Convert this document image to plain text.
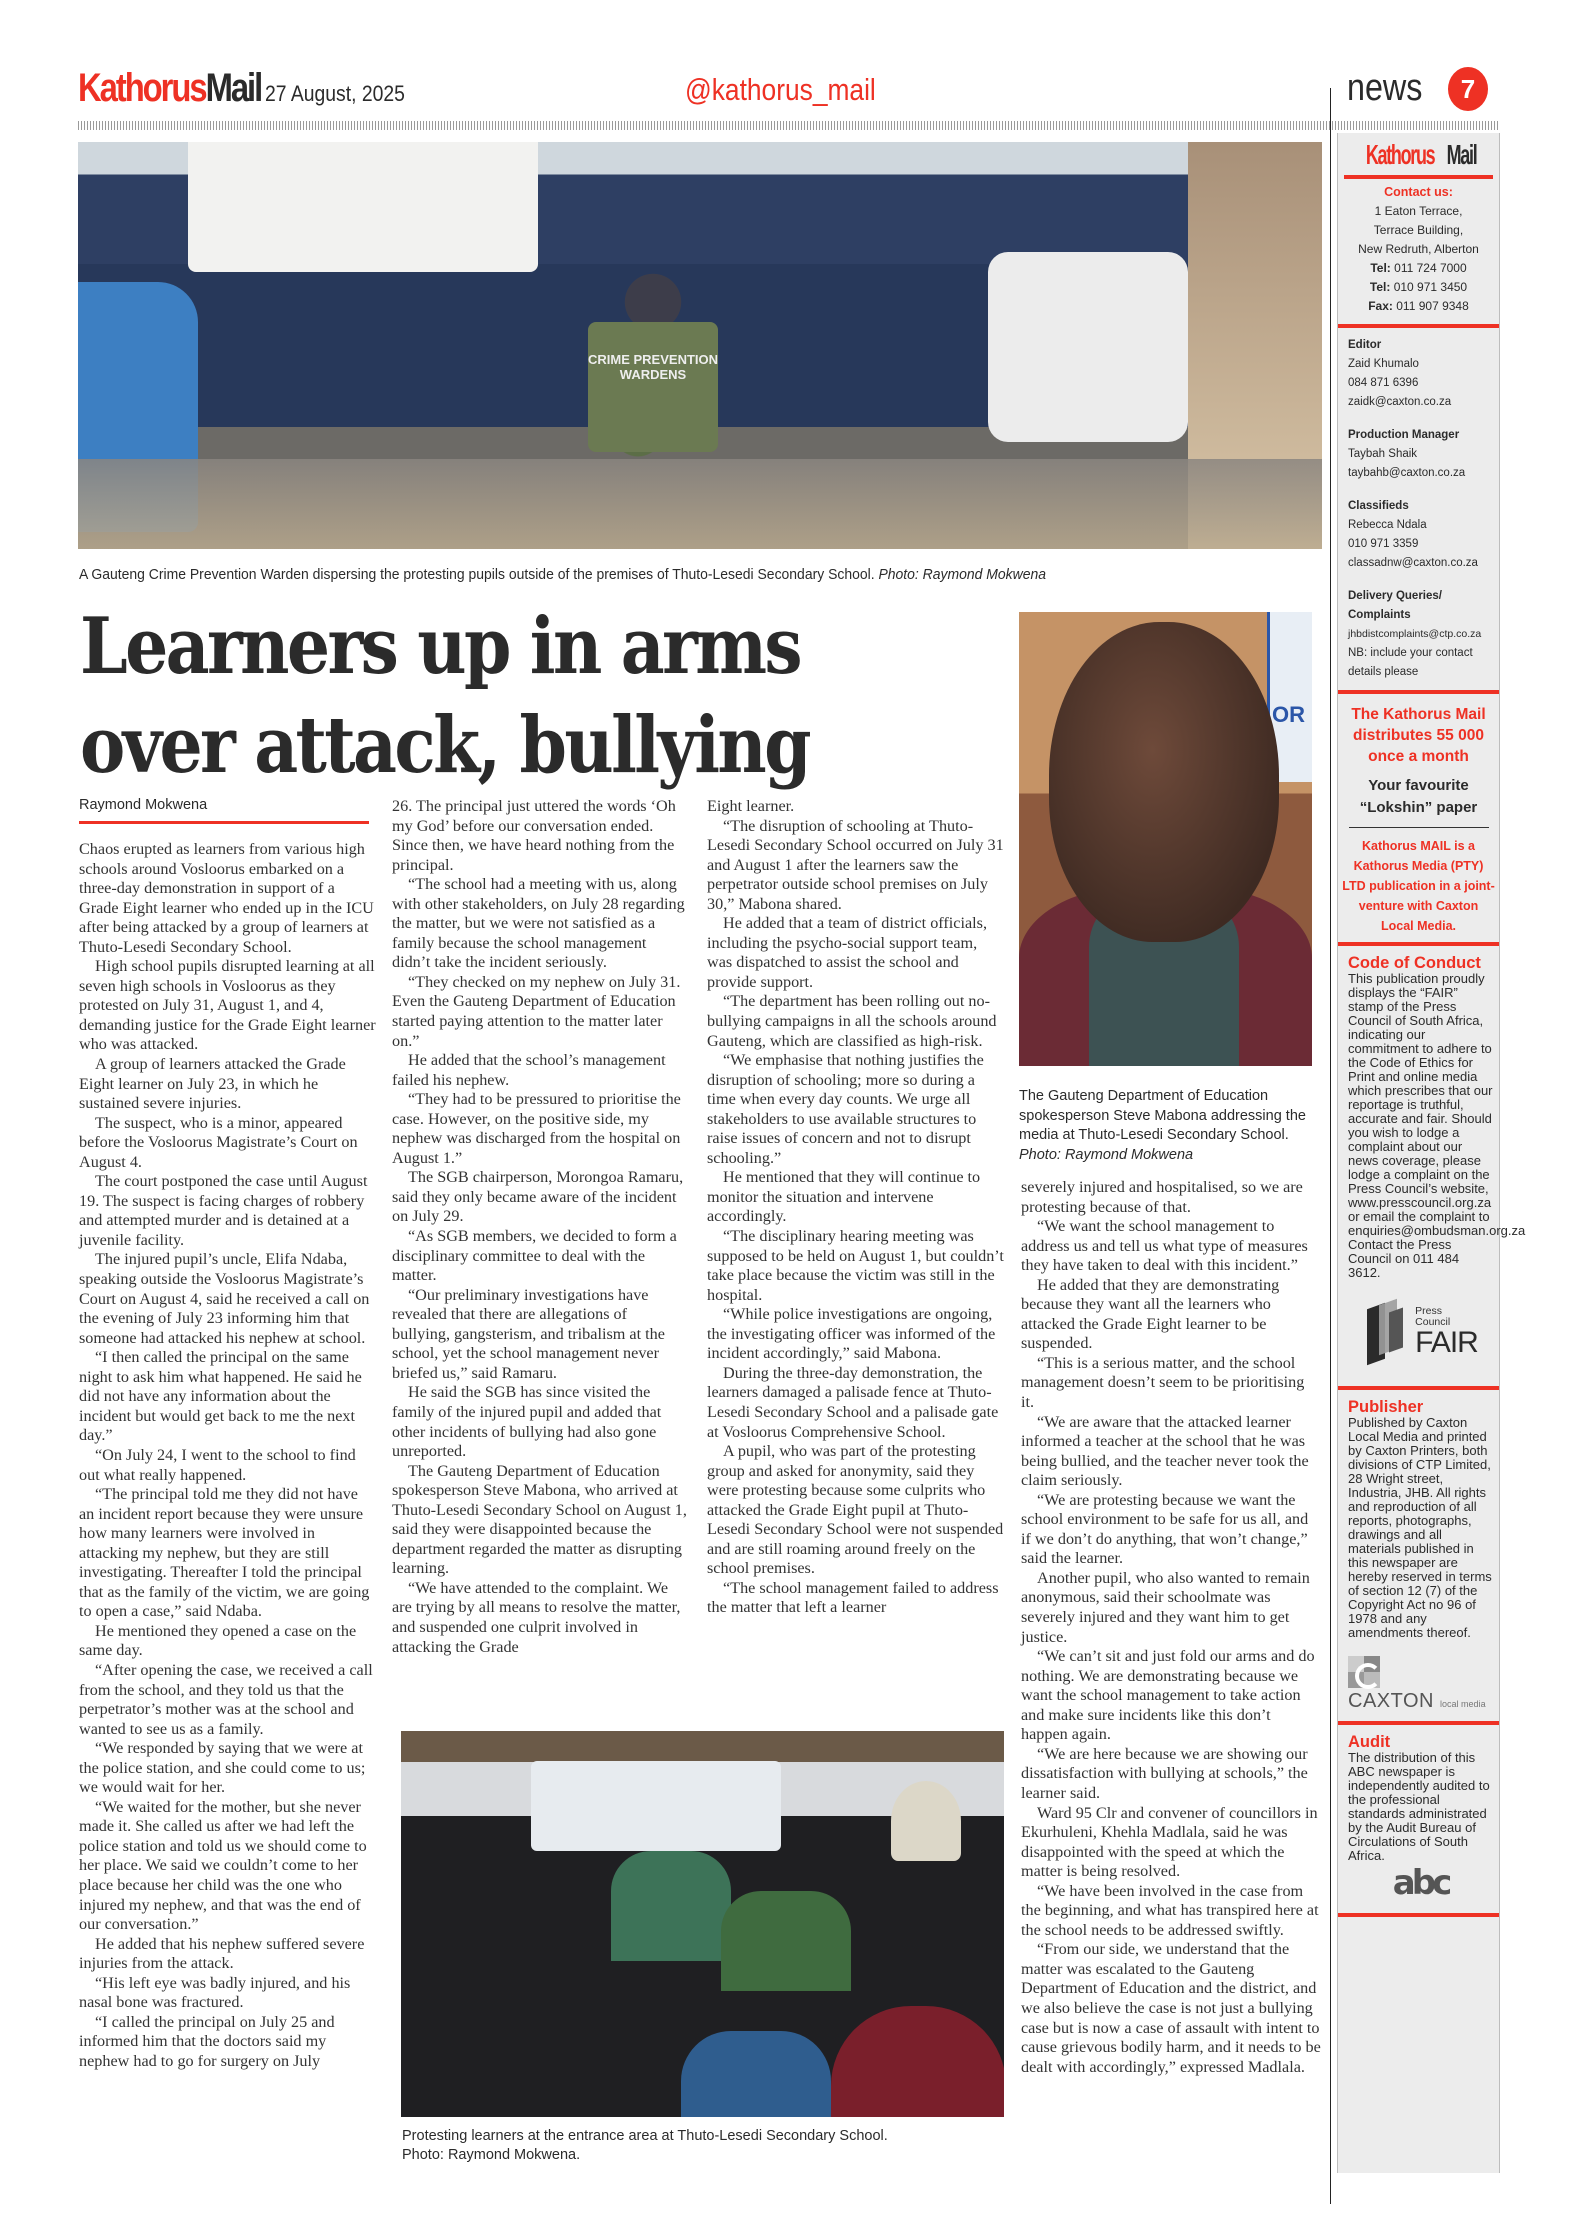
KathorusMail 27 August, 2025	@kathorus_mail	news	7
CRIME PREVENTION WARDENS
A Gauteng Crime Prevention Warden dispersing the protesting pupils outside of the premises of Thuto-Lesedi Secondary School. Photo: Raymond Mokwena
Learners up in arms
over attack, bullying
Raymond Mokwena
OR
The Gauteng Department of Education spokesperson Steve Mabona addressing the media at Thuto-Lesedi Secondary School. Photo: Raymond Mokwena

Chaos erupted as learners from various high schools around Vosloorus embarked on a three-day demonstration in support of a Grade Eight learner who ended up in the ICU after being attacked by a group of learners at Thuto-Lesedi Secondary School.

High school pupils disrupted learning at all seven high schools in Vosloorus as they protested on July 31, August 1, and 4, demanding justice for the Grade Eight learner who was attacked.

A group of learners attacked the Grade Eight learner on July 23, in which he sustained severe injuries.

The suspect, who is a minor, appeared before the Vosloorus Magistrate’s Court on August 4.

The court postponed the case until August 19. The suspect is facing charges of robbery and attempted murder and is detained at a juvenile facility.

The injured pupil’s uncle, Elifa Ndaba, speaking outside the Vosloorus Magistrate’s Court on August 4, said he received a call on the evening of July 23 informing him that someone had attacked his nephew at school.

“I then called the principal on the same night to ask him what happened. He said he did not have any information about the incident but would get back to me the next day.”

“On July 24, I went to the school to find out what really happened.

“The principal told me they did not have an incident report because they were unsure how many learners were involved in attacking my nephew, but they are still investigating. Thereafter I told the principal that as the family of the victim, we are going to open a case,” said Ndaba.

He mentioned they opened a case on the same day.

“After opening the case, we received a call from the school, and they told us that the perpetrator’s mother was at the school and wanted to see us as a family.

“We responded by saying that we were at the police station, and she could come to us; we would wait for her.

“We waited for the mother, but she never made it. She called us after we had left the police station and told us we should come to her place. We said we couldn’t come to her place because her child was the one who injured my nephew, and that was the end of our conversation.”

He added that his nephew suffered severe injuries from the attack.

“His left eye was badly injured, and his nasal bone was fractured.

“I called the principal on July 25 and informed him that the doctors said my nephew had to go for surgery on July

26. The principal just uttered the words ‘Oh my God’ before our conversation ended. Since then, we have heard nothing from the principal.

“The school had a meeting with us, along with other stakeholders, on July 28 regarding the matter, but we were not satisfied as a family because the school management didn’t take the incident seriously.

“They checked on my nephew on July 31. Even the Gauteng Department of Education started paying attention to the matter later on.”

He added that the school’s management failed his nephew.

“They had to be pressured to prioritise the case. However, on the positive side, my nephew was discharged from the hospital on August 1.”

The SGB chairperson, Morongoa Ramaru, said they only became aware of the incident on July 29.

“As SGB members, we decided to form a disciplinary committee to deal with the matter.

“Our preliminary investigations have revealed that there are allegations of bullying, gangsterism, and tribalism at the school, yet the school management never briefed us,” said Ramaru.

He said the SGB has since visited the family of the injured pupil and added that other incidents of bullying had also gone unreported.

The Gauteng Department of Education spokesperson Steve Mabona, who arrived at Thuto-Lesedi Secondary School on August 1, said they were disappointed because the department regarded the matter as disrupting learning.

“We have attended to the complaint. We are trying by all means to resolve the matter, and suspended one culprit involved in attacking the Grade

Eight learner.

“The disruption of schooling at Thuto-Lesedi Secondary School occurred on July 31 and August 1 after the learners saw the perpetrator outside school premises on July 30,” Mabona shared.

He added that a team of district officials, including the psycho-social support team, was dispatched to assist the school and provide support.

“The department has been rolling out no-bullying campaigns in all the schools around Gauteng, which are classified as high-risk.

“We emphasise that nothing justifies the disruption of schooling; more so during a time when every day counts. We urge all stakeholders to use available structures to raise issues of concern and not to disrupt schooling.”

He mentioned that they will continue to monitor the situation and intervene accordingly.

“The disciplinary hearing meeting was supposed to be held on August 1, but couldn’t take place because the victim was still in the hospital.

“While police investigations are ongoing, the investigating officer was informed of the incident accordingly,” said Mabona.

During the three-day demonstration, the learners damaged a palisade fence at Thuto-Lesedi Secondary School and a palisade gate at Vosloorus Comprehensive School.

A pupil, who was part of the protesting group and asked for anonymity, said they were protesting because some culprits who attacked the Grade Eight pupil at Thuto-Lesedi Secondary School were not suspended and are still roaming around freely on the school premises.

“The school management failed to address the matter that left a learner

severely injured and hospitalised, so we are protesting because of that.

“We want the school management to address us and tell us what type of measures they have taken to deal with this incident.”

He added that they are demonstrating because they want all the learners who attacked the Grade Eight learner to be suspended.

“This is a serious matter, and the school management doesn’t seem to be prioritising it.

“We are aware that the attacked learner informed a teacher at the school that he was being bullied, and the teacher never took the claim seriously.

“We are protesting because we want the school environment to be safe for us all, and if we don’t do anything, that won’t change,” said the learner.

Another pupil, who also wanted to remain anonymous, said their schoolmate was severely injured and they want him to get justice.

“We can’t sit and just fold our arms and do nothing. We are demonstrating because we want the school management to take action and make sure incidents like this don’t happen again.

“We are here because we are showing our dissatisfaction with bullying at schools,” the learner said.

Ward 95 Clr and convener of councillors in Ekurhuleni, Khehla Madlala, said he was disappointed with the speed at which the matter is being resolved.

“We have been involved in the case from the beginning, and what has transpired here at the school needs to be addressed swiftly.

“From our side, we understand that the matter was escalated to the Gauteng Department of Education and the district, and we also believe the case is not just a bullying case but is now a case of assault with intent to cause grievous bodily harm, and it needs to be dealt with accordingly,” expressed Madlala.

Protesting learners at the entrance area at Thuto-Lesedi Secondary School.
Photo: Raymond Mokwena.
Kathorus Mail
Contact us:
1 Eaton Terrace,
Terrace Building,
New Redruth, Alberton
Tel: 011 724 7000
Tel: 010 971 3450
Fax: 011 907 9348
Editor
Zaid Khumalo
084 871 6396
zaidk@caxton.co.za
Production Manager
Taybah Shaik
taybahb@caxton.co.za
Classifieds
Rebecca Ndala
010 971 3359
classadnw@caxton.co.za
Delivery Queries/ Complaints
jhbdistcomplaints@ctp.co.za
NB: include your contact details please
The Kathorus Mail distributes 55 000 once a month
Your favourite “Lokshin” paper
Kathorus MAIL is a Kathorus Media (PTY) LTD publication in a joint-venture with Caxton Local Media.
Code of Conduct
This publication proudly displays the “FAIR” stamp of the Press Council of South Africa, indicating our commitment to adhere to the Code of Ethics for Print and online media which prescribes that our reportage is truthful, accurate and fair. Should you wish to lodge a complaint about our news coverage, please lodge a complaint on the Press Council’s website, www.presscouncil.org.za or email the complaint to enquiries@ombudsman.org.za Contact the Press Council on 011 484 3612.
Press
Council
FAIR
Publisher
Published by Caxton Local Media and printed by Caxton Printers, both divisions of CTP Limited, 28 Wright street, Industria, JHB. All rights and reproduction of all reports, photographs, drawings and all materials published in this newspaper are hereby reserved in terms of section 12 (7) of the Copyright Act no 96 of 1978 and any amendments thereof.
CAXTON local media
Audit
The distribution of this ABC newspaper is independently audited to the professional standards administrated by the Audit Bureau of Circulations of South Africa.
abc
